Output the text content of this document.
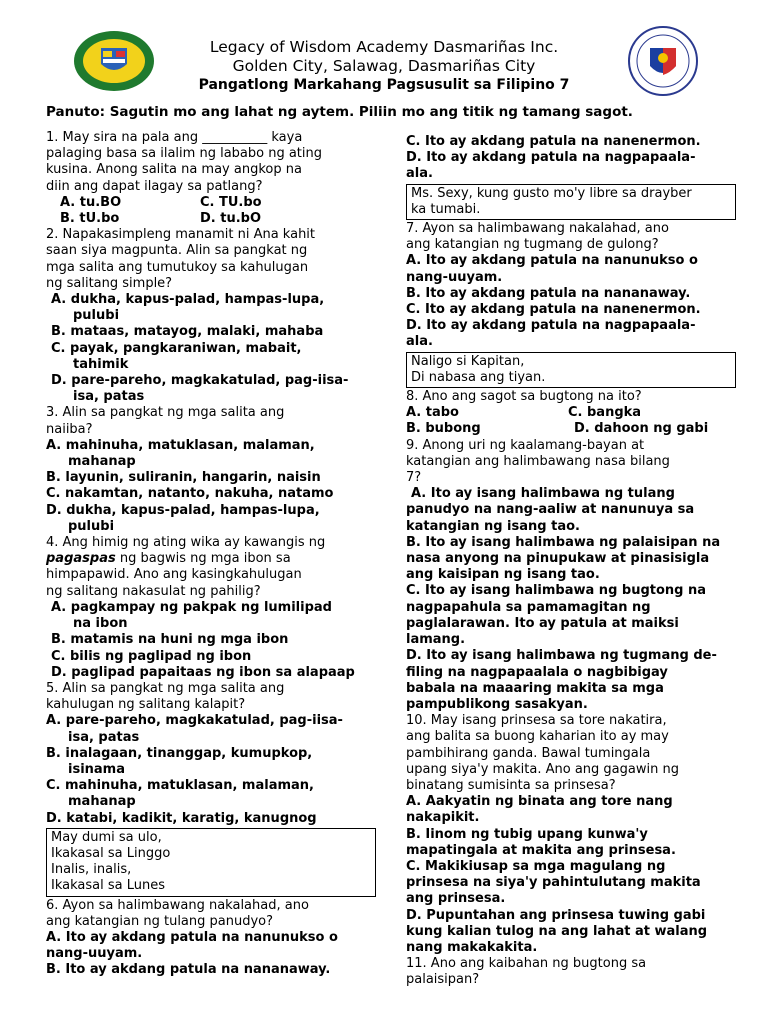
Legacy of Wisdom Academy Dasmariñas Inc.
Golden City, Salawag, Dasmariñas City
Pangatlong Markahang Pagsusulit sa Filipino 7
Panuto: Sagutin mo ang lahat ng aytem. Piliin mo ang titik ng tamang sagot.
1. May sira na pala ang __________ kaya
palaging basa sa ilalim ng lababo ng ating
kusina. Anong salita na may angkop na
diin ang dapat ilagay sa patlang?
A. tu.BO	C. TU.bo
B. tU.bo	D. tu.bO
2. Napakasimpleng manamit ni Ana kahit
saan siya magpunta. Alin sa pangkat ng
mga salita ang tumutukoy sa kahulugan
ng salitang simple?
A. dukha, kapus-palad, hampas-lupa,
pulubi
B. mataas, matayog, malaki, mahaba
C. payak, pangkaraniwan, mabait,
tahimik
D. pare-pareho, magkakatulad, pag-iisa-
isa, patas
3. Alin sa pangkat ng mga salita ang
naiiba?
A. mahinuha, matuklasan, malaman,
mahanap
B. layunin, suliranin, hangarin, naisin
C. nakamtan, natanto, nakuha, natamo
D. dukha, kapus-palad, hampas-lupa,
pulubi
4. Ang himig ng ating wika ay kawangis ng
pagaspas ng bagwis ng mga ibon sa
himpapawid. Ano ang kasingkahulugan
ng salitang nakasulat ng pahilig?
A. pagkampay ng pakpak ng lumilipad
na ibon
B. matamis na huni ng mga ibon
C. bilis ng paglipad ng ibon
D. paglipad papaitaas ng ibon sa alapaap
5. Alin sa pangkat ng mga salita ang
kahulugan ng salitang kalapit?
A. pare-pareho, magkakatulad, pag-iisa-
isa, patas
B. inalagaan, tinanggap, kumupkop,
isinama
C. mahinuha, matuklasan, malaman,
mahanap
D. katabi, kadikit, karatig, kanugnog
May dumi sa ulo,
Ikakasal sa Linggo
Inalis, inalis,
Ikakasal sa Lunes
6. Ayon sa halimbawang nakalahad, ano
ang katangian ng tulang panudyo?
A. Ito ay akdang patula na nanunukso o
nang-uuyam.
B. Ito ay akdang patula na nananaway.
C. Ito ay akdang patula na nanenermon.
D. Ito ay akdang patula na nagpapaala-
ala.
Ms. Sexy, kung gusto mo'y libre sa drayber
ka tumabi.
7. Ayon sa halimbawang nakalahad, ano
ang katangian ng tugmang de gulong?
A. Ito ay akdang patula na nanunukso o
nang-uuyam.
B. Ito ay akdang patula na nananaway.
C. Ito ay akdang patula na nanenermon.
D. Ito ay akdang patula na nagpapaala-
ala.
Naligo si Kapitan,
Di nabasa ang tiyan.
8. Ano ang sagot sa bugtong na ito?
A. tabo	C. bangka
B. bubong	D. dahoon ng gabi
9. Anong uri ng kaalamang-bayan at
katangian ang halimbawang nasa bilang
7?
A. Ito ay isang halimbawa ng tulang
panudyo na nang-aaliw at nanunuya sa
katangian ng isang tao.
B. Ito ay isang halimbawa ng palaisipan na
nasa anyong na pinupukaw at pinasisigla
ang kaisipan ng isang tao.
C. Ito ay isang halimbawa ng bugtong na
nagpapahula sa pamamagitan ng
paglalarawan. Ito ay patula at maiksi
lamang.
D. Ito ay isang halimbawa ng tugmang de-
filing na nagpapaalala o nagbibigay
babala na maaaring makita sa mga
pampublikong sasakyan.
10. May isang prinsesa sa tore nakatira,
ang balita sa buong kaharian ito ay may
pambihirang ganda. Bawal tumingala
upang siya'y makita. Ano ang gagawin ng
binatang sumisinta sa prinsesa?
A. Aakyatin ng binata ang tore nang
nakapikit.
B. Iinom ng tubig upang kunwa'y
mapatingala at makita ang prinsesa.
C. Makikiusap sa mga magulang ng
prinsesa na siya'y pahintulutang makita
ang prinsesa.
D. Pupuntahan ang prinsesa tuwing gabi
kung kalian tulog na ang lahat at walang
nang makakakita.
11. Ano ang kaibahan ng bugtong sa
palaisipan?
